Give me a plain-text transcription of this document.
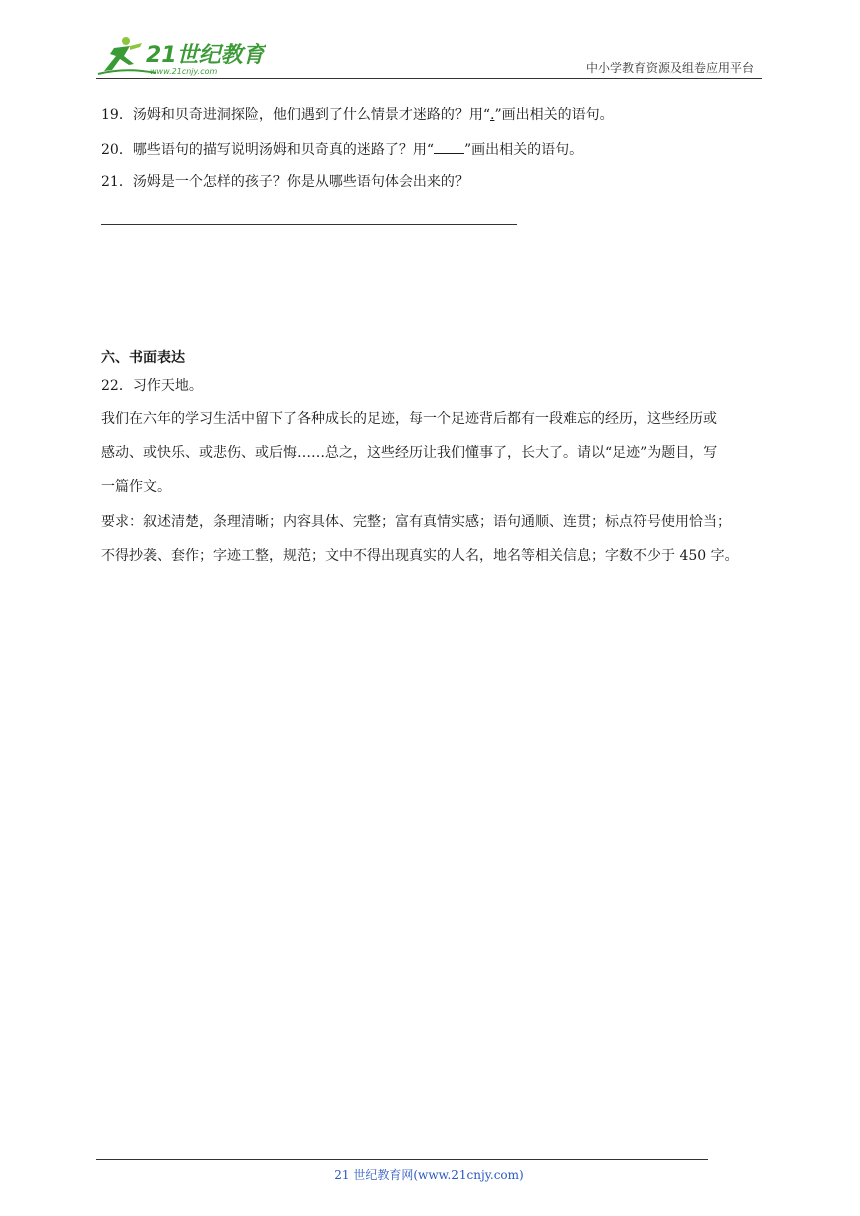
21世纪教育
www.21cnjy.com	中小学教育资源及组卷应用平台
19．汤姆和贝奇进洞探险，他们遇到了什么情景才迷路的？用“.”画出相关的语句。
20．哪些语句的描写说明汤姆和贝奇真的迷路了？用“ ”画出相关的语句。
21．汤姆是一个怎样的孩子？你是从哪些语句体会出来的？
六、书面表达
22．习作天地。
我们在六年的学习生活中留下了各种成长的足迹，每一个足迹背后都有一段难忘的经历，这些经历或
感动、或快乐、或悲伤、或后悔……总之，这些经历让我们懂事了，长大了。请以“足迹”为题目，写
一篇作文。
要求：叙述清楚，条理清晰；内容具体、完整；富有真情实感；语句通顺、连贯；标点符号使用恰当；
不得抄袭、套作；字迹工整，规范；文中不得出现真实的人名，地名等相关信息；字数不少于 450 字。
21 世纪教育网(www.21cnjy.com)
